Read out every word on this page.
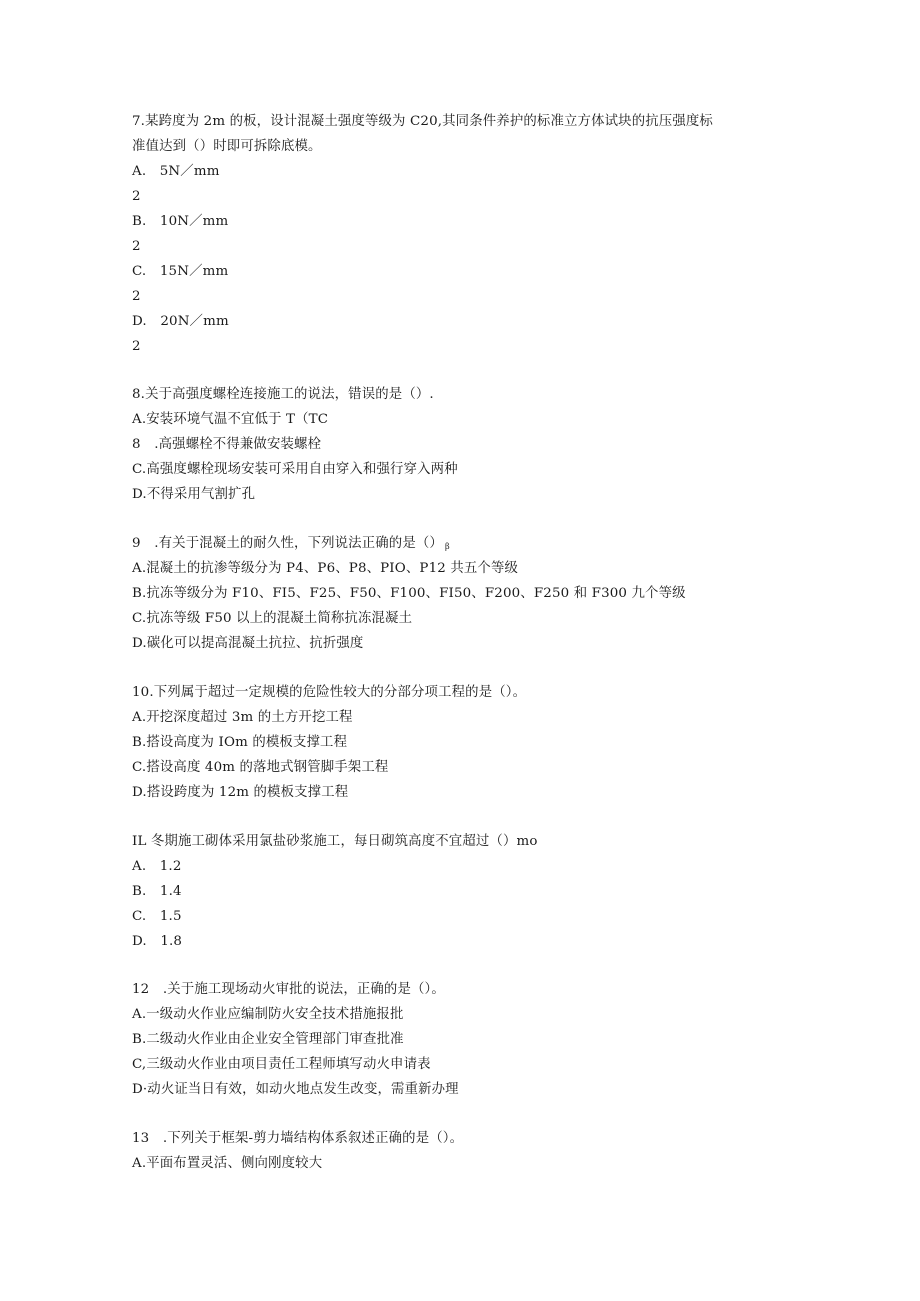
7.某跨度为 2m 的板，设计混凝土强度等级为 C20,其同条件养护的标准立方体试块的抗压强度标
准值达到（）时即可拆除底模。
A.　5N／mm
2
B.　10N／mm
2
C.　15N／mm
2
D.　20N／mm
2
8.关于高强度螺栓连接施工的说法，错误的是（）.
A.安装环境气温不宜低于 T（TC
8　.高强螺栓不得兼做安装螺栓
C.高强度螺栓现场安装可采用自由穿入和强行穿入两种
D.不得采用气割扩孔
9　.有关于混凝土的耐久性，下列说法正确的是（） $_\beta$
A.混凝土的抗渗等级分为 P4、P6、P8、PIO、P12 共五个等级
B.抗冻等级分为 F10、FI5、F25、F50、F100、FI50、F200、F250 和 F300 九个等级
C.抗冻等级 F50 以上的混凝土简称抗冻混凝土
D.碳化可以提高混凝土抗拉、抗折强度
10.下列属于超过一定规模的危险性较大的分部分项工程的是（）。
A.开挖深度超过 3m 的土方开挖工程
B.搭设高度为 IOm 的模板支撑工程
C.搭设高度 40m 的落地式钢管脚手架工程
D.搭设跨度为 12m 的模板支撑工程
IL 冬期施工砌体采用氯盐砂浆施工，每日砌筑高度不宜超过（）mo
A.　1.2
B.　1.4
C.　1.5
D.　1.8
12　.关于施工现场动火审批的说法，正确的是（）。
A.一级动火作业应编制防火安全技术措施报批
B.二级动火作业由企业安全管理部门审查批准
C,三级动火作业由项目责任工程师填写动火申请表
D·动火证当日有效，如动火地点发生改变，需重新办理
13　.下列关于框架-剪力墙结构体系叙述正确的是（）。
A.平面布置灵活、侧向刚度较大
